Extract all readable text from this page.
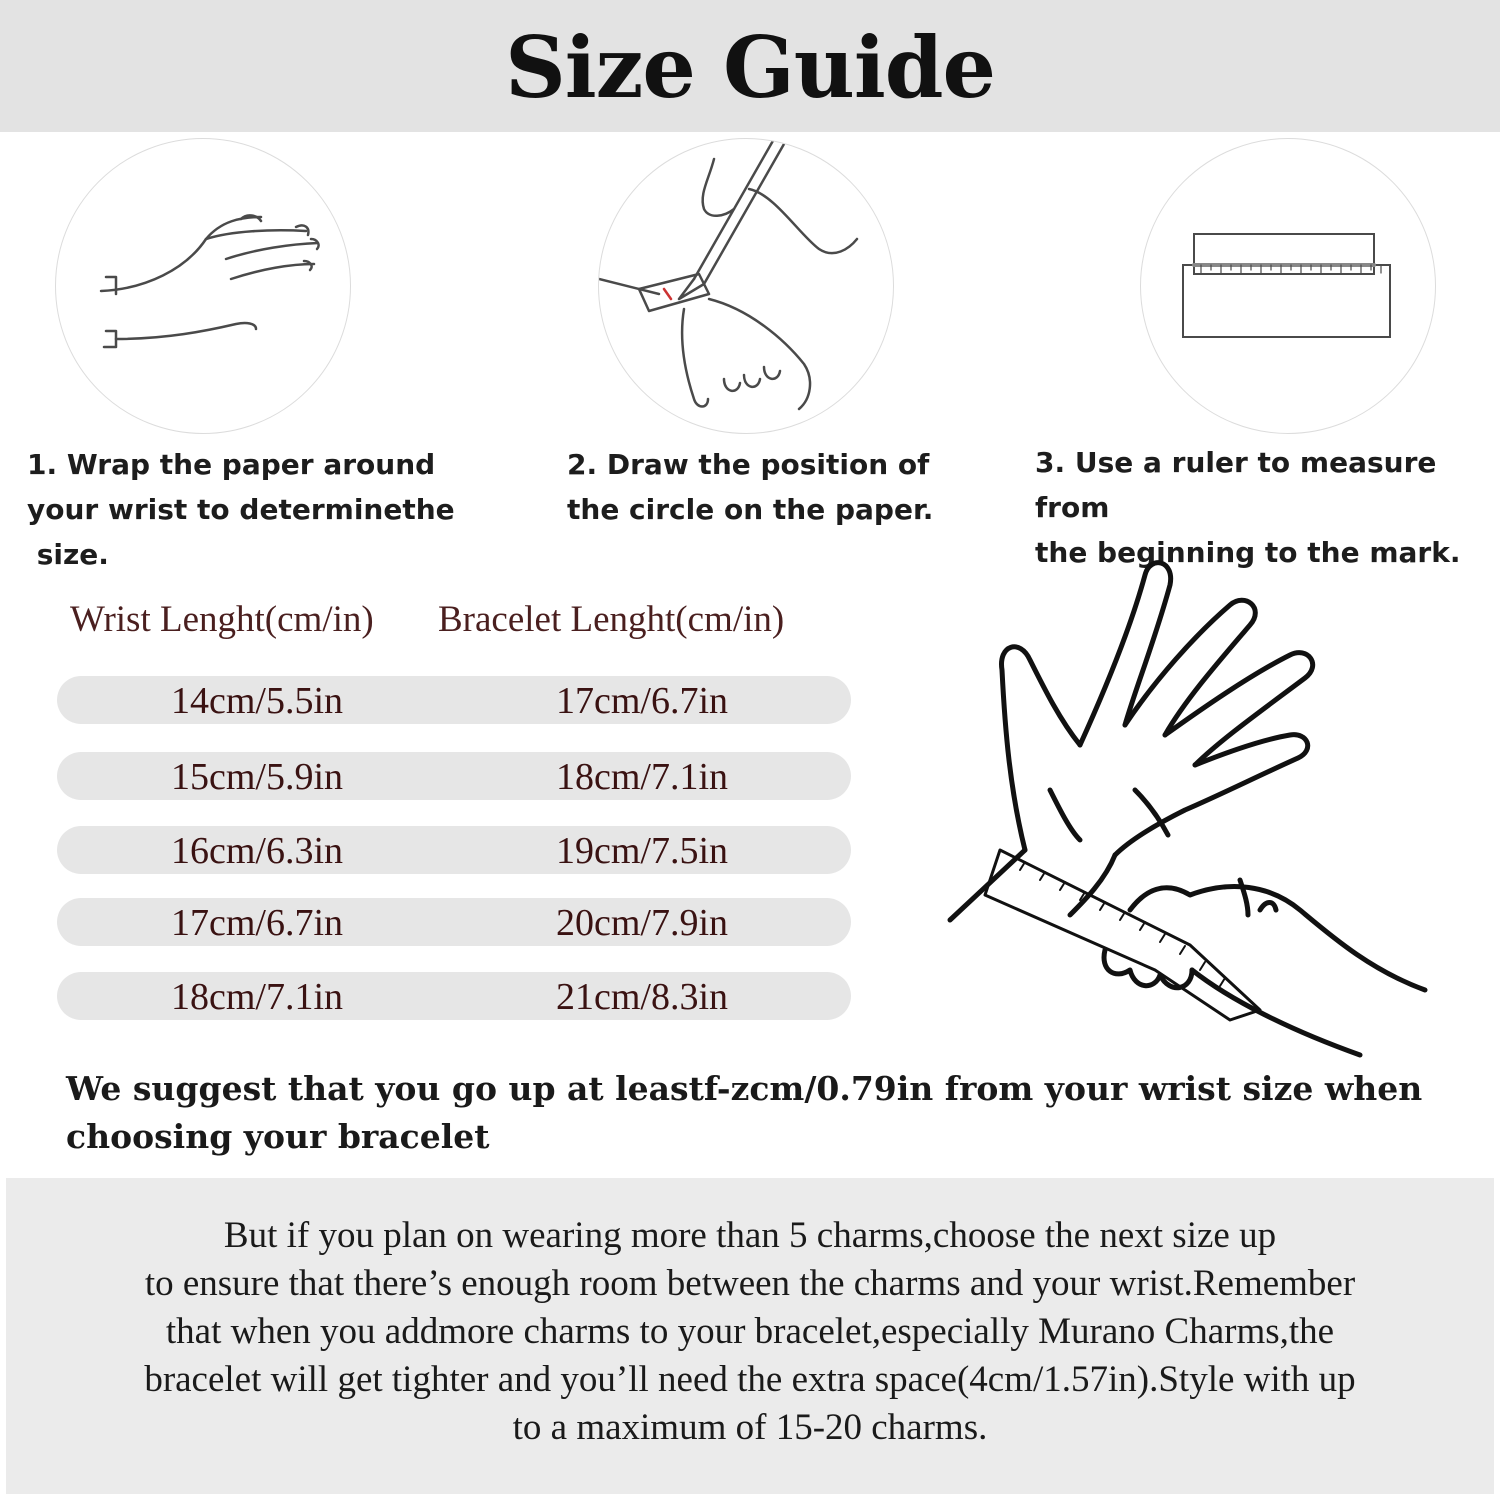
Size Guide
1. Wrap the paper around
your wrist to determinethe
size.
2. Draw the position of
the circle on the paper.
3. Use a ruler to measure from
the beginning to the mark.
Wrist Lenght(cm/in) Bracelet Lenght(cm/in)
14cm/5.5in	17cm/6.7in
15cm/5.9in	18cm/7.1in
16cm/6.3in	19cm/7.5in
17cm/6.7in	20cm/7.9in
18cm/7.1in	21cm/8.3in
We suggest that you go up at leastf-zcm/0.79in from your wrist size when
choosing your bracelet
But if you plan on wearing more than 5 charms,choose the next size up
to ensure that there’s enough room between the charms and your wrist.Remember
that when you addmore charms to your bracelet,especially Murano Charms,the
bracelet will get tighter and you’ll need the extra space(4cm/1.57in).Style with up
to a maximum of 15-20 charms.
